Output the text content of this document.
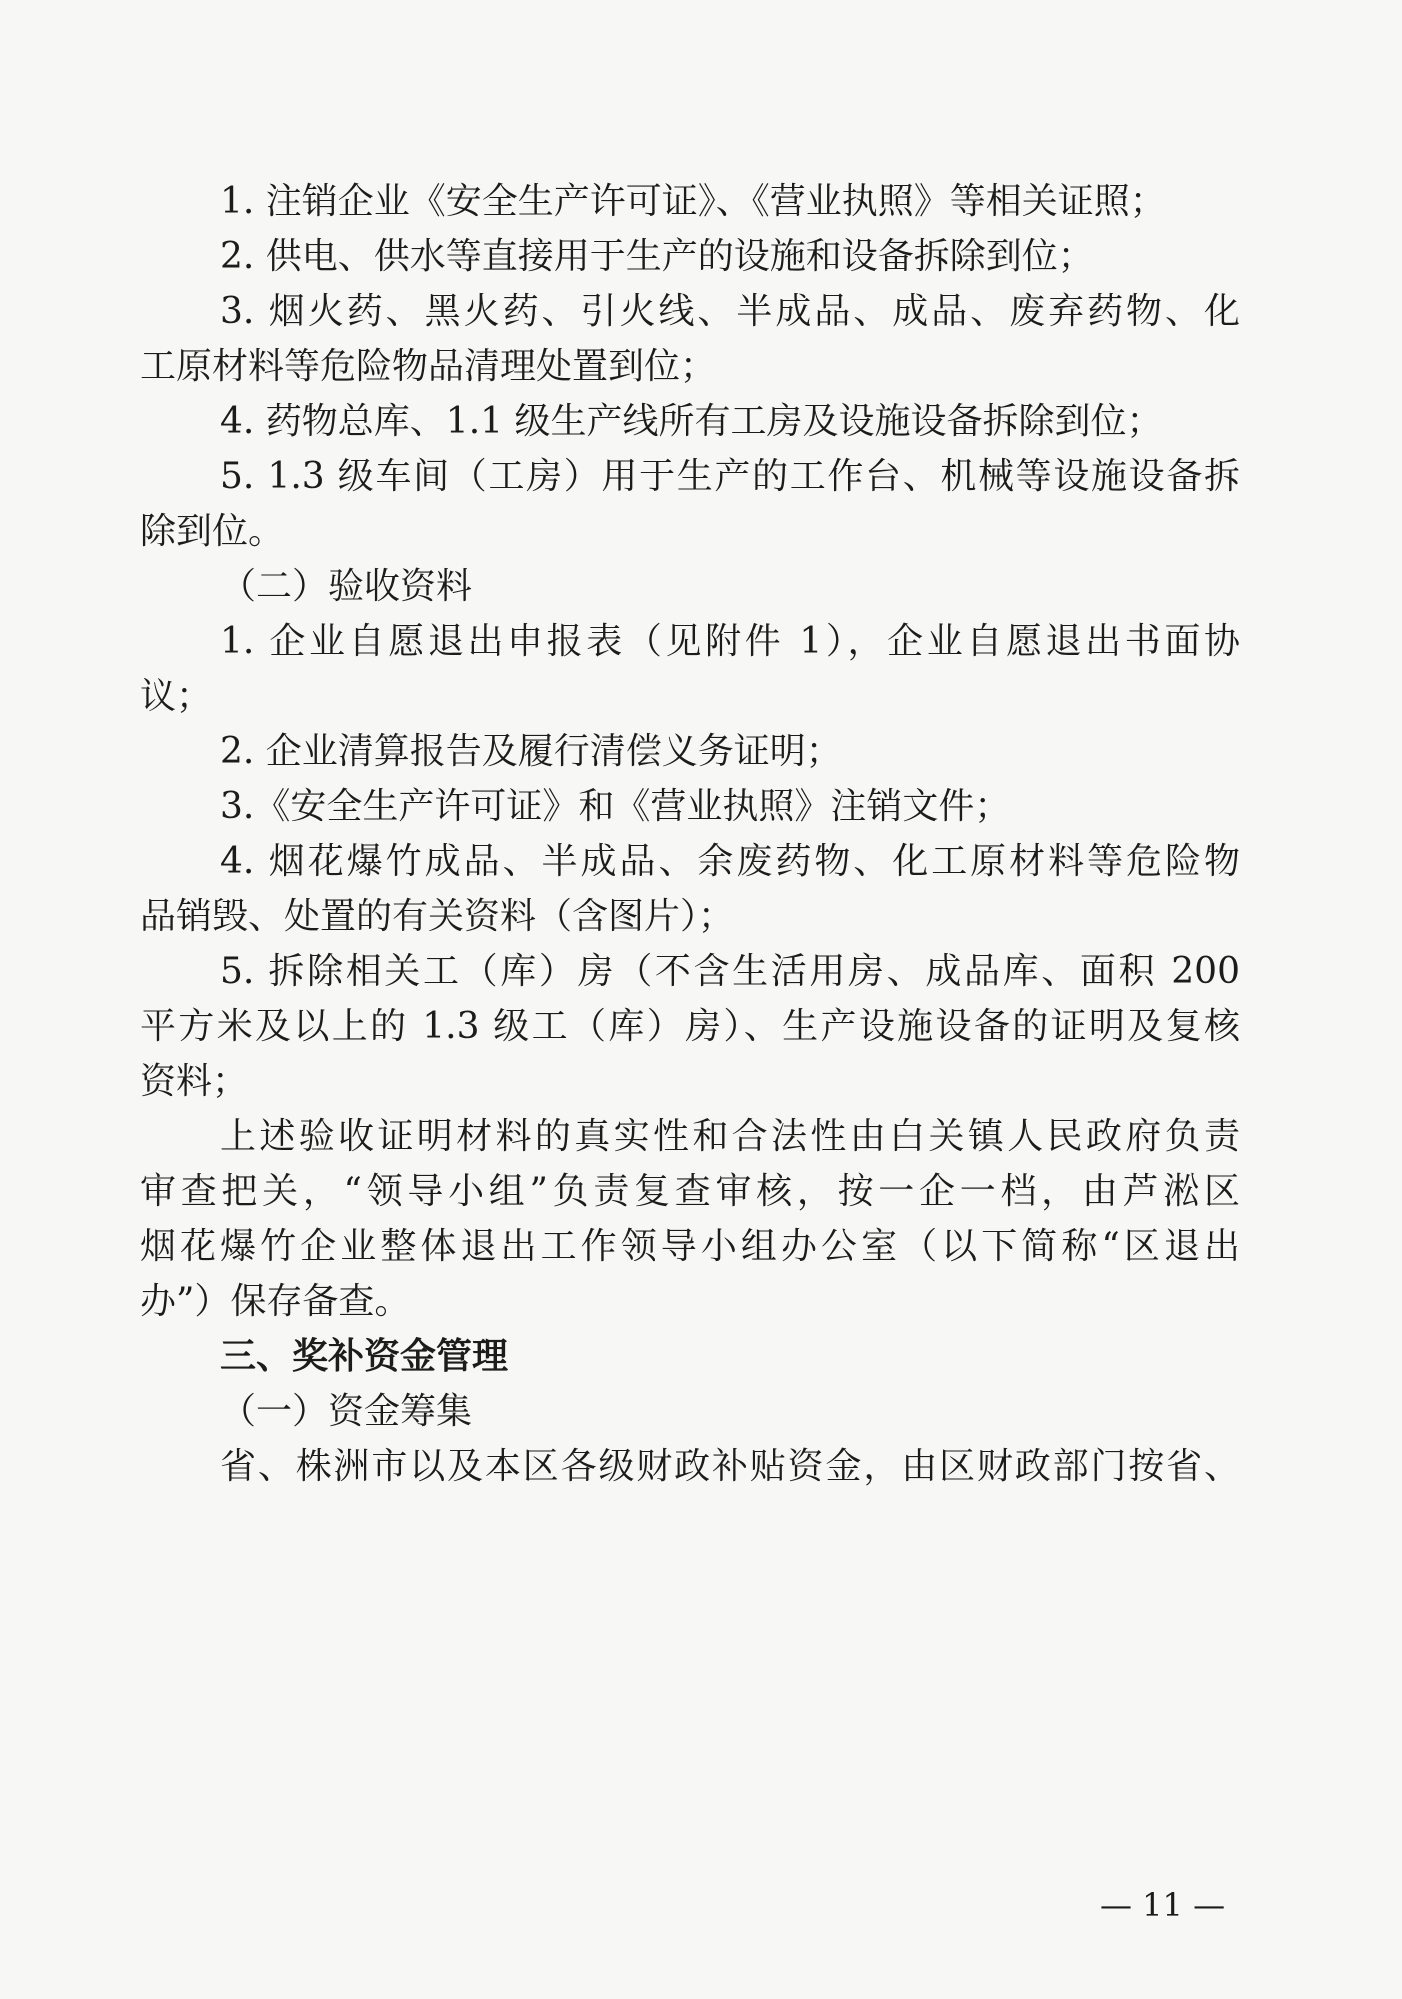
1. 注销企业《安全生产许可证》、《营业执照》等相关证照；
2. 供电、供水等直接用于生产的设施和设备拆除到位；
3. 烟火药、黑火药、引火线、半成品、成品、废弃药物、化
工原材料等危险物品清理处置到位；
4. 药物总库、1.1 级生产线所有工房及设施设备拆除到位；
5. 1.3 级车间（工房）用于生产的工作台、机械等设施设备拆
除到位。
（二）验收资料
1. 企业自愿退出申报表（见附件 1），企业自愿退出书面协
议；
2. 企业清算报告及履行清偿义务证明；
3.《安全生产许可证》和《营业执照》注销文件；
4. 烟花爆竹成品、半成品、余废药物、化工原材料等危险物
品销毁、处置的有关资料（含图片）；
5. 拆除相关工（库）房（不含生活用房、成品库、面积 200
平方米及以上的 1.3 级工（库）房）、生产设施设备的证明及复核
资料；
上述验收证明材料的真实性和合法性由白关镇人民政府负责
审查把关，“领导小组”负责复查审核，按一企一档，由芦淞区
烟花爆竹企业整体退出工作领导小组办公室（以下简称“区退出
办”）保存备查。
三、奖补资金管理
（一）资金筹集
省、株洲市以及本区各级财政补贴资金，由区财政部门按省、
— 11 —
